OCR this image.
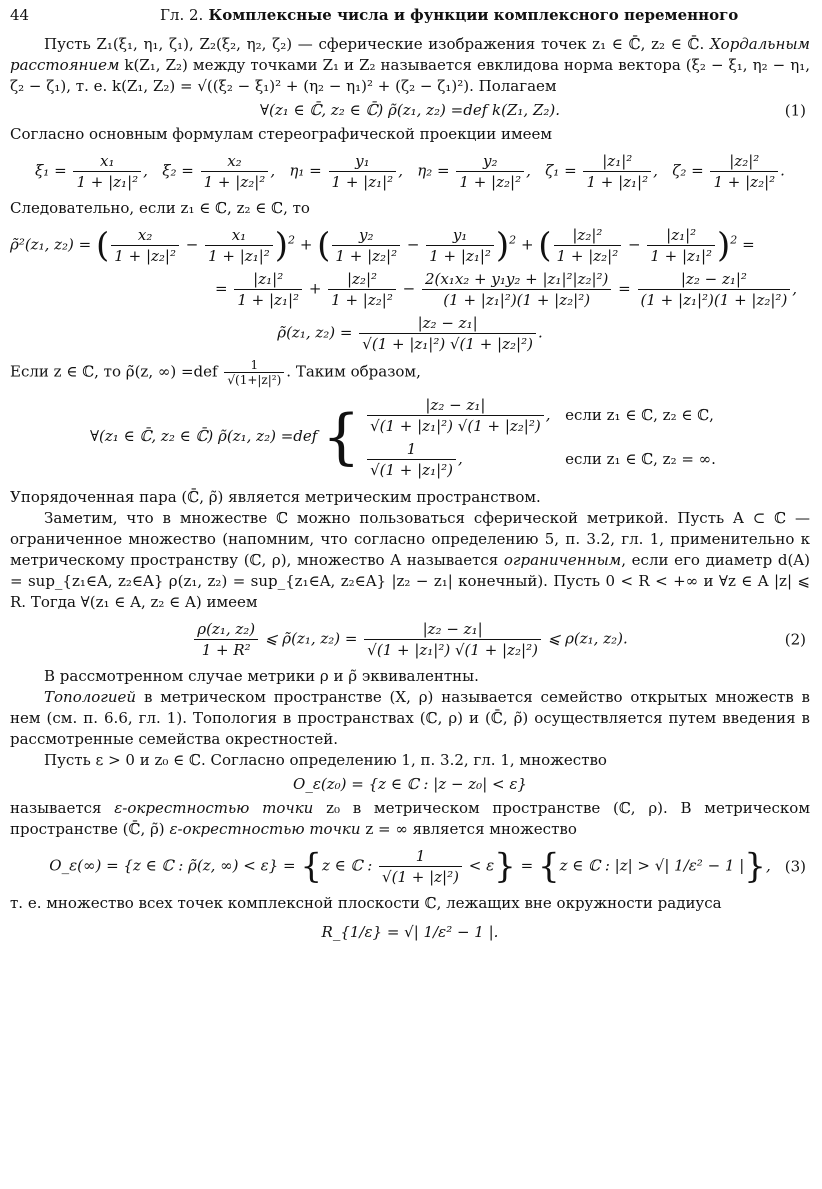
44	Гл. 2. Комплексные числа и функции комплексного переменного

Пусть Z₁(ξ₁, η₁, ζ₁), Z₂(ξ₂, η₂, ζ₂) — сферические изображения точек z₁ ∈ ℂ̄, z₂ ∈ ℂ̄. Хордальным расстоянием k(Z₁, Z₂) между точками Z₁ и Z₂ называется евклидова норма вектора (ξ₂ − ξ₁, η₂ − η₁, ζ₂ − ζ₁), т. е. k(Z₁, Z₂) = √((ξ₂ − ξ₁)² + (η₂ − η₁)² + (ζ₂ − ζ₁)²). Полагаем

∀(z₁ ∈ ℂ̄, z₂ ∈ ℂ̄) ρ̃(z₁, z₂) =def k(Z₁, Z₂).	(1)

Согласно основным формулам стереографической проекции имеем

$\xi_1 = \frac{\text{x₁}}{\text{1 + |z₁|²}}$ ,   $\xi_2 = \frac{\text{x₂}}{\text{1 + |z₂|²}}$ ,   $\eta_1 = \frac{\text{y₁}}{\text{1 + |z₁|²}}$ ,   $\eta_2 = \frac{\text{y₂}}{\text{1 + |z₂|²}}$ ,   $\zeta_1 = \frac{\text{|z₁|²}}{\text{1 + |z₁|²}}$ ,   $\zeta_2 = \frac{\text{|z₂|²}}{\text{1 + |z₂|²}}$ .

Следовательно, если z₁ ∈ ℂ, z₂ ∈ ℂ, то

ρ̃²(z₁, z₂) = ( $\frac{\text{x₂}}{\text{1 + |z₂|²}} - \frac{\text{x₁}}{\text{1 + |z₁|²}} )^2$ + ( $\frac{\text{y₂}}{\text{1 + |z₂|²}} - \frac{\text{y₁}}{\text{1 + |z₁|²}} )^2$ + ( $\frac{\text{|z₂|²}}{\text{1 + |z₂|²}} - \frac{\text{|z₁|²}}{\text{1 + |z₁|²}} )^2$ =
= $\frac{\text{|z₁|²}}{\text{1 + |z₁|²}} + \frac{\text{|z₂|²}}{\text{1 + |z₂|²}} - \frac{\text{2(x₁x₂ + y₁y₂ + |z₁|²|z₂|²)}}{\text{(1 + |z₁|²)(1 + |z₂|²)}} = \frac{\text{|z₂ − z₁|²}}{\text{(1 + |z₁|²)(1 + |z₂|²)}}$ ,
ρ̃(z₁, $z_2) = \frac{\text{|z₂ − z₁|}}{\text{√(1 + |z₁|²) √(1 + |z₂|²)}}$ .

Если z ∈ ℂ, то ρ̃(z, ∞) $=def \frac{1}{\text{√(1+|z|²)}}$ . Таким образом,

∀(z₁ ∈ ℂ̄, z₂ ∈ ℂ̄) ρ̃(z₁, z₂) =def { $\frac{\text{|z₂ − z₁|}}{\text{√(1 + |z₁|²) √(1 + |z₂|²)}}$ , если z₁ ∈ ℂ, z₂ ∈ ℂ,
$\frac{1}{\text{√(1 + |z₁|²)}}$ ,	если z₁ ∈ ℂ, z₂ = ∞.

Упорядоченная пара (ℂ̄, ρ̃) является метрическим пространством.

Заметим, что в множестве ℂ можно пользоваться сферической метрикой. Пусть A ⊂ ℂ — ограниченное множество (напомним, что согласно определению 5, п. 3.2, гл. 1, применительно к метрическому пространству (ℂ, ρ), множество A называется ограниченным, если его диаметр d(A) = sup_{z₁∈A, z₂∈A} ρ(z₁, z₂) = sup_{z₁∈A, z₂∈A} |z₂ − z₁| конечный). Пусть 0 < R < +∞ и ∀z ∈ A |z| ⩽ R. Тогда ∀(z₁ ∈ A, z₂ ∈ A) имеем

$\frac{\text{ρ(z₁, z₂)}}{\text{1 + R²}}$ ⩽ ρ̃(z₁, $z_2) = \frac{\text{|z₂ − z₁|}}{\text{√(1 + |z₁|²) √(1 + |z₂|²)}}$ ⩽ ρ(z₁, z₂).	(2)

В рассмотренном случае метрики ρ и ρ̃ эквивалентны.

Топологией в метрическом пространстве (X, ρ) называется семейство открытых множеств в нем (см. п. 6.6, гл. 1). Топология в пространствах (ℂ, ρ) и (ℂ̄, ρ̃) осуществляется путем введения в рассмотренные семейства окрестностей.

Пусть ε > 0 и z₀ ∈ ℂ. Согласно определению 1, п. 3.2, гл. 1, множество

O_ε(z₀) = {z ∈ ℂ : |z − z₀| < ε}

называется ε-окрестностью точки z₀ в метрическом пространстве (ℂ, ρ). В метрическом пространстве (ℂ̄, ρ̃) ε-окрестностью точки z = ∞ является множество

O_ε(∞) = {z ∈ ℂ : ρ̃(z, ∞) < ε} = {z ∈ ℂ : $\frac{1}{\text{√(1 + |z|²)}} < \varepsilon\} = \{z$ ∈ ℂ : |z| > √| 1/ε² − 1 |}, (3)

т. е. множество всех точек комплексной плоскости ℂ, лежащих вне окружности радиуса

R_{1/ε} = √| 1/ε² − 1 |.
